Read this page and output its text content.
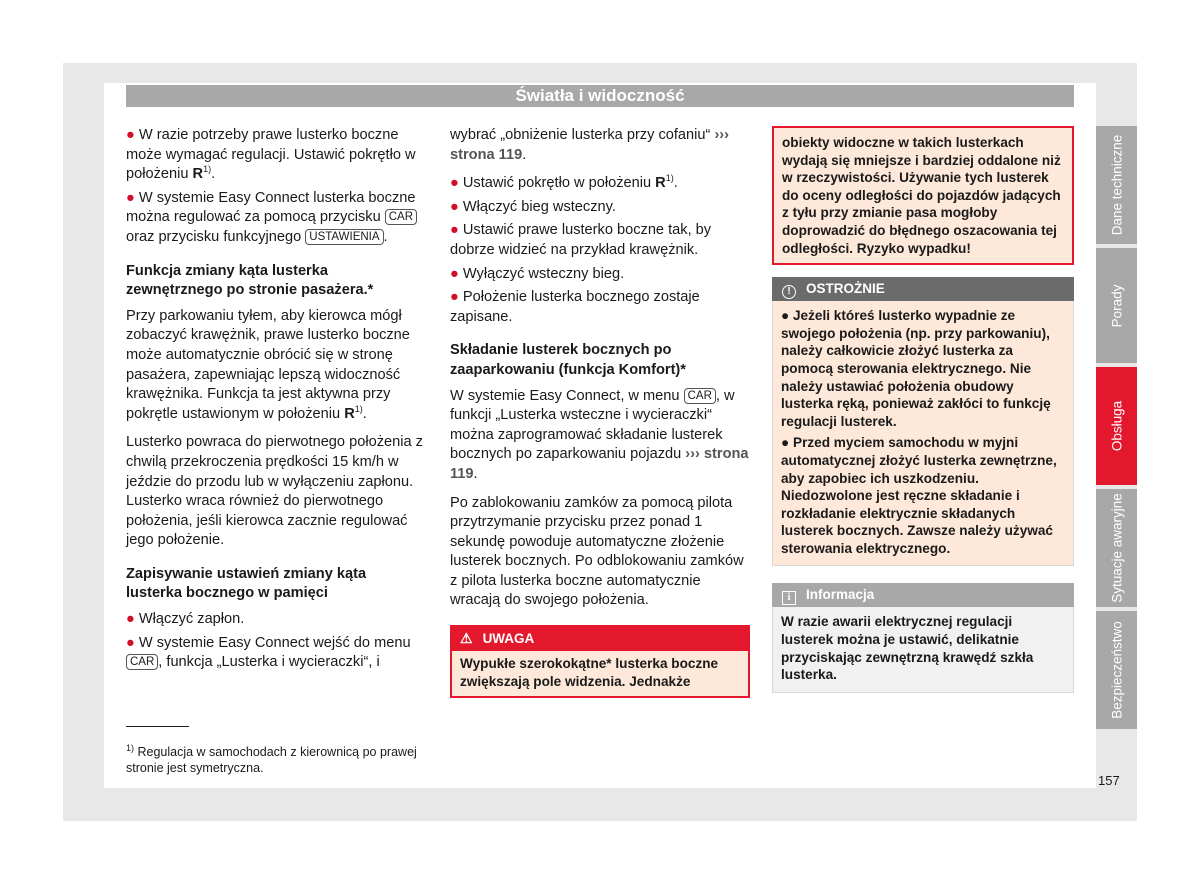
Światła i widoczność

● W razie potrzeby prawe lusterko boczne może wymagać regulacji. Ustawić pokrętło w położeniu $R^{1)}$.

● W systemie Easy Connect lusterka boczne można regulować za pomocą przycisku CAR oraz przycisku funkcyjnego USTAWIENIA .

Funkcja zmiany kąta lusterka zewnętrznego po stronie pasażera.*

Przy parkowaniu tyłem, aby kierowca mógł zobaczyć krawężnik, prawe lusterko boczne może automatycznie obrócić się w stronę pasażera, zapewniając lepszą widoczność krawężnika. Funkcja ta jest aktywna przy pokrętle ustawionym w położeniu $R^{1)}$.

Lusterko powraca do pierwotnego położenia z chwilą przekroczenia prędkości 15 km/h w jeździe do przodu lub w wyłączeniu zapłonu. Lusterko wraca również do pierwotnego położenia, jeśli kierowca zacznie regulować jego położenie.

Zapisywanie ustawień zmiany kąta lusterka bocznego w pamięci

● Włączyć zapłon.

● W systemie Easy Connect wejść do menu CAR , funkcja „Lusterka i wycieraczki“, i

wybrać „obniżenie lusterka przy cofaniu“ ››› strona 119.

● Ustawić pokrętło w położeniu $R^{1)}$.

● Włączyć bieg wsteczny.

● Ustawić prawe lusterko boczne tak, by dobrze widzieć na przykład krawężnik.

● Wyłączyć wsteczny bieg.

● Położenie lusterka bocznego zostaje zapisane.

Składanie lusterek bocznych po zaaparkowaniu (funkcja Komfort)*

W systemie Easy Connect, w menu CAR , w funkcji „Lusterka wsteczne i wycieraczki“ można zaprogramować składanie lusterek bocznych po zaparkowaniu pojazdu ››› strona 119.

Po zablokowaniu zamków za pomocą pilota przytrzymanie przycisku przez ponad 1 sekundę powoduje automatyczne złożenie lusterek bocznych. Po odblokowaniu zamków z pilota lusterka boczne automatycznie wracają do swojego położenia.

⚠ UWAGA
Wypukłe szerokokątne* lusterka boczne zwiększają pole widzenia. Jednakże
obiekty widoczne w takich lusterkach wydają się mniejsze i bardziej oddalone niż w rzeczywistości. Używanie tych lusterek do oceny odległości do pojazdów jadących z tyłu przy zmianie pasa mogłoby doprowadzić do błędnego oszacowania tej odległości. Ryzyko wypadku!
! OSTROŻNIE

● Jeżeli któreś lusterko wypadnie ze swojego położenia (np. przy parkowaniu), należy całkowicie złożyć lusterka za pomocą sterowania elektrycznego. Nie należy ustawiać położenia obudowy lusterka ręką, ponieważ zakłóci to funkcję regulacji lusterek.

● Przed myciem samochodu w myjni automatycznej złożyć lusterka zewnętrzne, aby zapobiec ich uszkodzeniu. Niedozwolone jest ręczne składanie i rozkładanie elektrycznie składanych lusterek bocznych. Zawsze należy używać sterowania elektrycznego.

i Informacja
W razie awarii elektrycznej regulacji lusterek można je ustawić, delikatnie przyciskając zewnętrzną krawędź szkła lusterka.
$^{1)}$ Regulacja w samochodach z kierownicą po prawej stronie jest symetryczna.
Dane techniczne
Porady
Obsługa
Sytuacje awaryjne
Bezpieczeństwo
157
